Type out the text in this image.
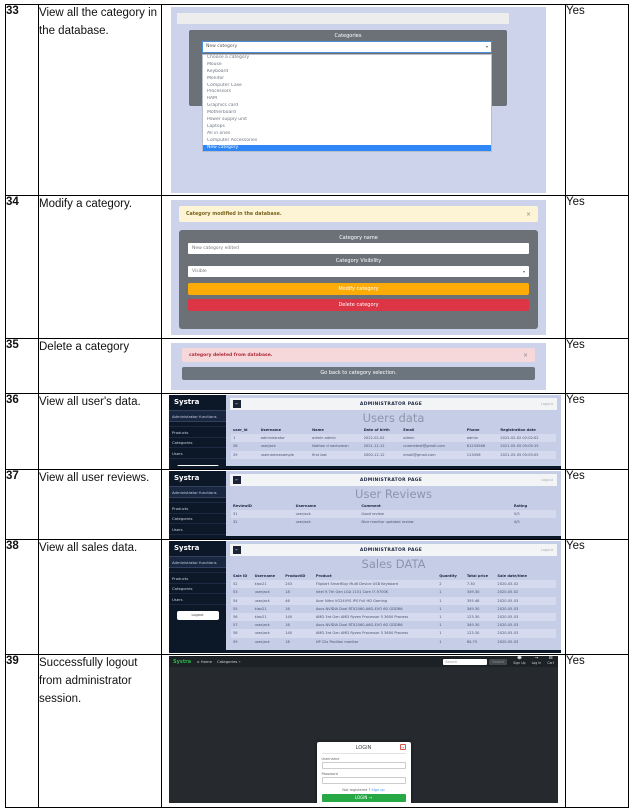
33	View all the category in the database.	Categories
New category	▾
Choose a category
Mouse
Keyboard
Monitor
Computer Case
Processors
RAM
Graphics card
Motherboard
Power supply unit
Laptops
All in ones
Computer Accessories
New category
	Yes
34	Modify a category.	
Category modified in the database.	×
Category name
New category edited
Category Visibility
Visible	▾
Modify category
Delete category
	Yes
35	Delete a category	
category deleted from database.	×
Go back to category selection.
	Yes
36	View all user's data.	Systra
Administrator functions
Products
Categories
Users
←	ADMINISTRATOR PAGE	Logout
Users data
user_id	Username	Name	Date of birth	Email	Phone	Registration date
1	administrator	admin admin	2022-02-02	admin	admin	2022-02-02 02:02:02
28	userjack	Nathan d nachoman	2021-12-12	unametest@gmail.com	61234568	2021-05-05 05:05:15
29	usernameexample	first last	2000-12-12	email@gmail.com	123456	2021-05-05 05:05:05
	Yes
37	View all user reviews.	Systra
Administrator functions
Products
Categories
Users
←	ADMINISTRATOR PAGE	Logout
User Reviews
ReviewID	Username	Comment	Rating
31	userjack	Good review	5/5
32	userjack	Nice monitor updated review	4/5
	Yes
38	View all sales data.	Systra
Administrator functions
Products
Categories
Users
Logout
←	ADMINISTRATOR PAGE	Logout
Sales DATA
Sale ID	Username	ProductID	Product	Quantity	Total price	Sale date/time
52	klav21	243	Flipkart SmartBuy Multi Device USB Keyboard	2	7.30	2020-05-02
53	userjack	18	Intel 9.7th Gen LGA 1151 Core i7-9700K	1	349.30	2020-05-02
54	userjack	46	Acer Nitro VG240YS IPS Full HD Gaming	1	355.48	2020-05-03
55	klav21	16	Asus NVIDIA Dual RTX2060-A6G-EVO 6G GDDR6	1	349.30	2020-05-03
56	klav21	140	AMD 3rd Gen AMD Ryzen Processor 5 3600 Process	1	123.30	2020-05-03
57	userjack	16	Asus NVIDIA Dual RTX2060-A6G-EVO 6G GDDR6	1	349.30	2020-05-03
58	userjack	140	AMD 3rd Gen AMD Ryzen Processor 5 3600 Process	1	123.30	2020-05-03
59	userjack	18	HP 22s Pavilion monitor	1	84.75	2020-05-03
	Yes
39	Successfully logout from administrator session.	
Systra ⌂ Home Categories ▾	Search	Search
☻
Sign Up
→
Log In
⊟
Cart
LOGIN	→
Username
Password
Not registered ? Sign up
LOGIN →
	Yes
